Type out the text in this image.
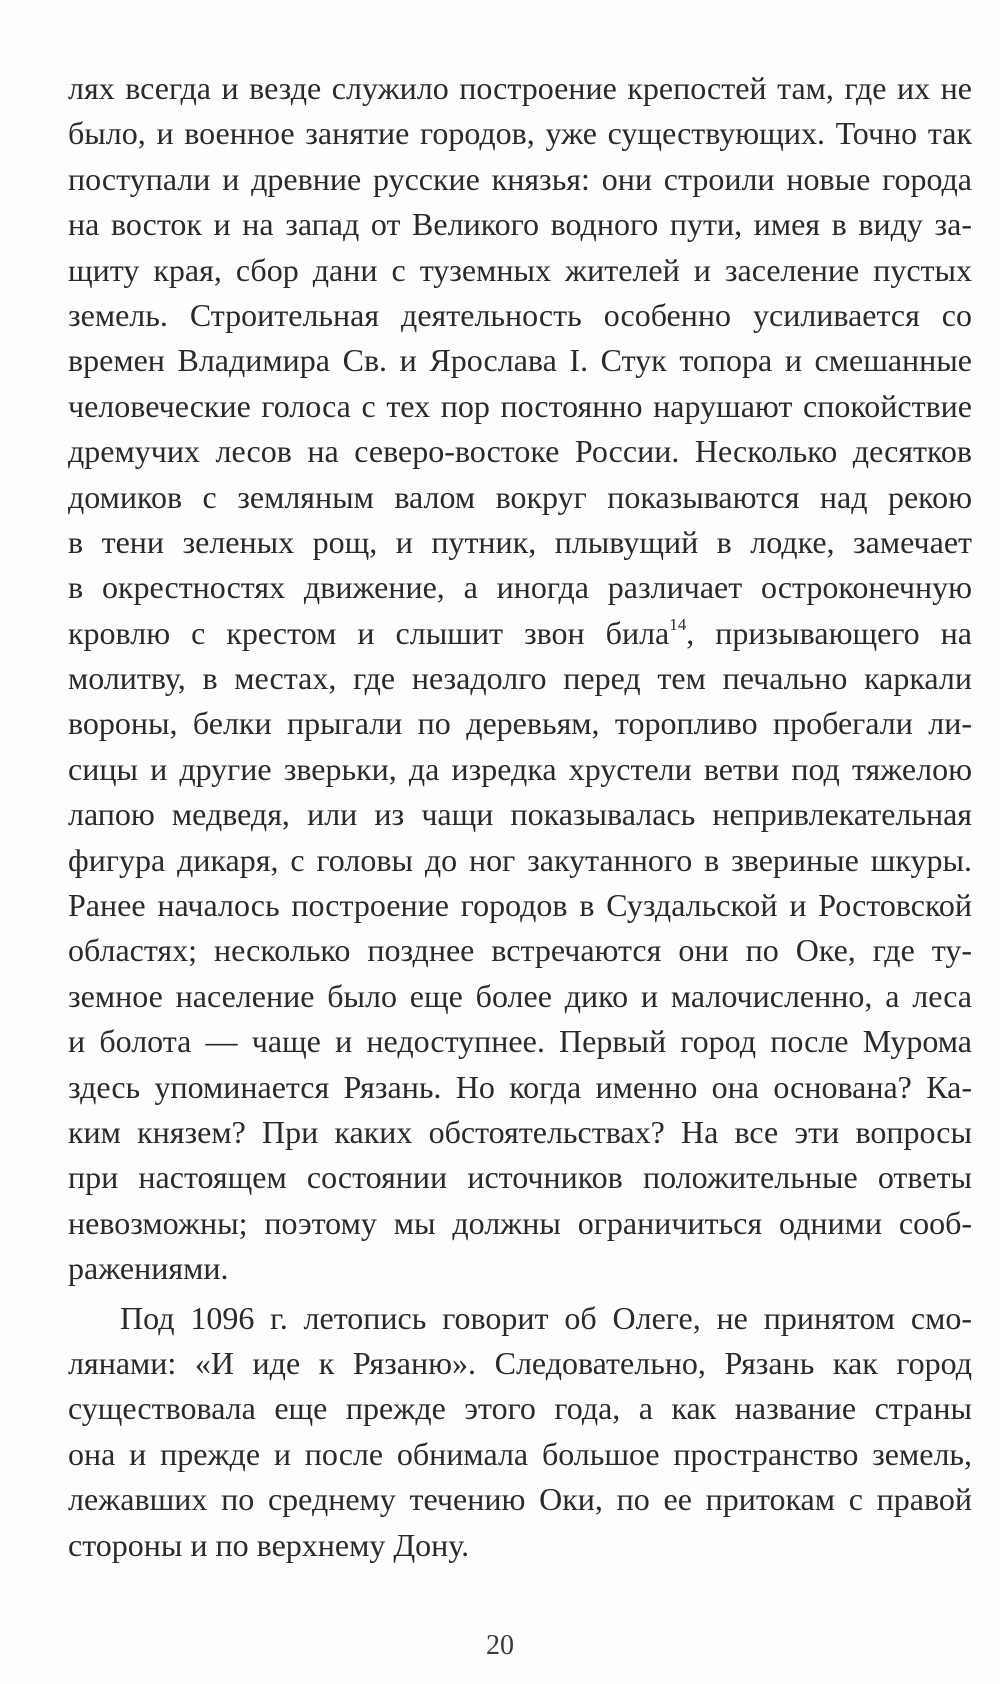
лях всегда и везде служило построение крепостей там, где их не
было, и военное занятие городов, уже существующих. Точно так
поступали и древние русские князья: они строили новые города
на восток и на запад от Великого водного пути, имея в виду за-
щиту края, сбор дани с туземных жителей и заселение пустых
земель. Строительная деятельность особенно усиливается со
времен Владимира Св. и Ярослава I. Стук топора и смешанные
человеческие голоса с тех пор постоянно нарушают спокойствие
дремучих лесов на северо-востоке России. Несколько десятков
домиков с земляным валом вокруг показываются над рекою
в тени зеленых рощ, и путник, плывущий в лодке, замечает
в окрестностях движение, а иногда различает остроконечную
кровлю с крестом и слышит звон била$^{14}$, призывающего на
молитву, в местах, где незадолго перед тем печально каркали
вороны, белки прыгали по деревьям, торопливо пробегали ли-
сицы и другие зверьки, да изредка хрустели ветви под тяжелою
лапою медведя, или из чащи показывалась непривлекательная
фигура дикаря, с головы до ног закутанного в звериные шкуры.
Ранее началось построение городов в Суздальской и Ростовской
областях; несколько позднее встречаются они по Оке, где ту-
земное население было еще более дико и малочисленно, а леса
и болота — чаще и недоступнее. Первый город после Мурома
здесь упоминается Рязань. Но когда именно она основана? Ка-
ким князем? При каких обстоятельствах? На все эти вопросы
при настоящем состоянии источников положительные ответы
невозможны; поэтому мы должны ограничиться одними сооб-
ражениями.
Под 1096 г. летопись говорит об Олеге, не принятом смо-
лянами: «И иде к Рязаню». Следовательно, Рязань как город
существовала еще прежде этого года, а как название страны
она и прежде и после обнимала большое пространство земель,
лежавших по среднему течению Оки, по ее притокам с правой
стороны и по верхнему Дону.
20
